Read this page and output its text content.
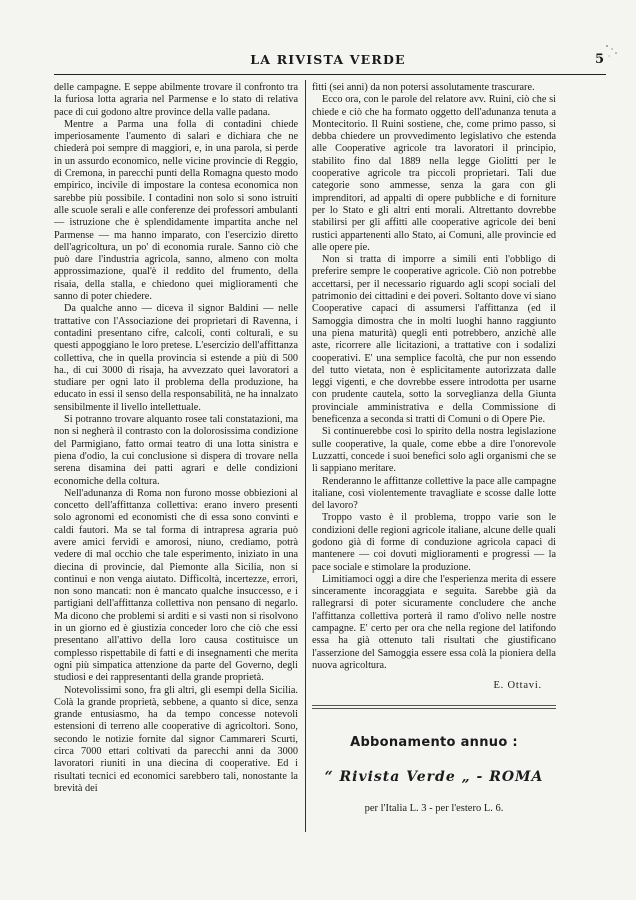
LA RIVISTA VERDE	5

delle campagne. E seppe abilmente trovare il confronto tra la furiosa lotta agraria nel Parmense e lo stato di relativa pace di cui godono altre province della valle padana.

Mentre a Parma una folla di contadini chiede imperiosamente l'aumento di salari e dichiara che ne chiederà poi sempre di maggiori, e, in una parola, si perde in un assurdo economico, nelle vicine provincie di Reggio, di Cremona, in parecchi punti della Romagna questo modo empirico, incivile di impostare la contesa economica non sarebbe più possibile. I contadini non solo si sono istruiti alle scuole serali e alle conferenze dei professori ambulanti — istruzione che è splendidamente impartita anche nel Parmense — ma hanno imparato, con l'esercizio diretto dell'agricoltura, un po' di economia rurale. Sanno ciò che può dare l'industria agricola, sanno, almeno con molta approssimazione, qual'è il reddito del frumento, della risaia, della stalla, e chiedono quei miglioramenti che sanno di poter chiedere.

Da qualche anno — diceva il signor Baldini — nelle trattative con l'Associazione dei proprietari di Ravenna, i contadini presentano cifre, calcoli, conti colturali, e su questi appoggiano le loro pretese. L'esercizio dell'affittanza collettiva, che in quella provincia si estende a più di 500 ha., di cui 3000 di risaja, ha avvezzato quei lavoratori a studiare per ogni lato il problema della produzione, ha educato in essi il senso della responsabilità, ne ha innalzato sensibilmente il livello intellettuale.

Si potranno trovare alquanto rosee tali constatazioni, ma non si negherà il contrasto con la dolorosissima condizione del Parmigiano, fatto ormai teatro di una lotta sinistra e piena d'odio, la cui conclusione si dispera di trovare nella serena disamina dei patti agrari e delle condizioni economiche della coltura.

Nell'adunanza di Roma non furono mosse obbiezioni al concetto dell'affittanza collettiva: erano invero presenti solo agronomi ed economisti che di essa sono convinti e caldi fautori. Ma se tal forma di intrapresa agraria può avere amici fervidi e amorosi, niuno, crediamo, potrà vedere di mal occhio che tale esperimento, iniziato in una diecina di provincie, dal Piemonte alla Sicilia, non si continui e non venga aiutato. Difficoltà, incertezze, errori, non sono mancati: non è mancato qualche insuccesso, e i partigiani dell'affittanza collettiva non pensano di negarlo. Ma dicono che problemi si arditi e si vasti non si risolvono in un giorno ed è giustizia conceder loro che ciò che essi presentano all'attivo della loro causa costituisce un complesso rispettabile di fatti e di insegnamenti che merita ogni più simpatica attenzione da parte del Governo, degli studiosi e dei rappresentanti della grande proprietà.

Notevolissimi sono, fra gli altri, gli esempi della Sicilia. Colà la grande proprietà, sebbene, a quanto si dice, senza grande entusiasmo, ha da tempo concesse notevoli estensioni di terreno alle cooperative di agricoltori. Sono, secondo le notizie fornite dal signor Cammareri Scurti, circa 7000 ettari coltivati da parecchi anni da 3000 lavoratori riuniti in una diecina di cooperative. Ed i risultati tecnici ed economici sarebbero tali, nonostante la brevità dei

fitti (sei anni) da non potersi assolutamente trascurare.

Ecco ora, con le parole del relatore avv. Ruini, ciò che si chiede e ciò che ha formato oggetto dell'adunanza tenuta a Montecitorio. Il Ruini sostiene, che, come primo passo, si debba chiedere un provvedimento legislativo che estenda alle Cooperative agricole tra lavoratori il principio, stabilito fino dal 1889 nella legge Giolitti per le cooperative agricole tra piccoli proprietari. Tali due categorie sono ammesse, senza la gara con gli imprenditori, ad appalti di opere pubbliche e di forniture per lo Stato e gli altri enti morali. Altrettanto dovrebbe stabilirsi per gli affitti alle cooperative agricole dei beni rustici appartenenti allo Stato, ai Comuni, alle provincie ed alle opere pie.

Non si tratta di imporre a simili enti l'obbligo di preferire sempre le cooperative agricole. Ciò non potrebbe accettarsi, per il necessario riguardo agli scopi sociali del patrimonio dei cittadini e dei poveri. Soltanto dove vi siano Cooperative capaci di assumersi l'affittanza (ed il Samoggia dimostra che in molti luoghi hanno raggiunto una piena maturità) quegli enti potrebbero, anzichè alle aste, ricorrere alle licitazioni, a trattative con i sodalizi cooperativi. E' una semplice facoltà, che pur non essendo del tutto vietata, non è esplicitamente autorizzata dalle leggi vigenti, e che dovrebbe essere introdotta per usarne con prudente cautela, sotto la sorveglianza della Giunta provinciale amministrativa e della Commissione di beneficenza a seconda si tratti di Comuni o di Opere Pie.

Si continuerebbe così lo spirito della nostra legislazione sulle cooperative, la quale, come ebbe a dire l'onorevole Luzzatti, concede i suoi benefici solo agli organismi che se li sappiano meritare.

Renderanno le affittanze collettive la pace alle campagne italiane, così violentemente travagliate e scosse dalle lotte del lavoro?

Troppo vasto è il problema, troppo varie son le condizioni delle regioni agricole italiane, alcune delle quali godono già di forme di conduzione agricola capaci di mantenere — coi dovuti miglioramenti e progressi — la pace sociale e stimolare la produzione.

Limitiamoci oggi a dire che l'esperienza merita di essere sinceramente incoraggiata e seguita. Sarebbe già da rallegrarsi di poter sicuramente concludere che anche l'affittanza collettiva porterà il ramo d'olivo nelle nostre campagne. E' certo per ora che nella regione del latifondo essa ha già ottenuto tali risultati che giustificano l'asserzione del Samoggia essere essa colà la pioniera della nuova agricoltura.

E. Ottavi.
Abbonamento annuo :
“ Rivista Verde „ - ROMA
per l'Italia L. 3 - per l'estero L. 6.
